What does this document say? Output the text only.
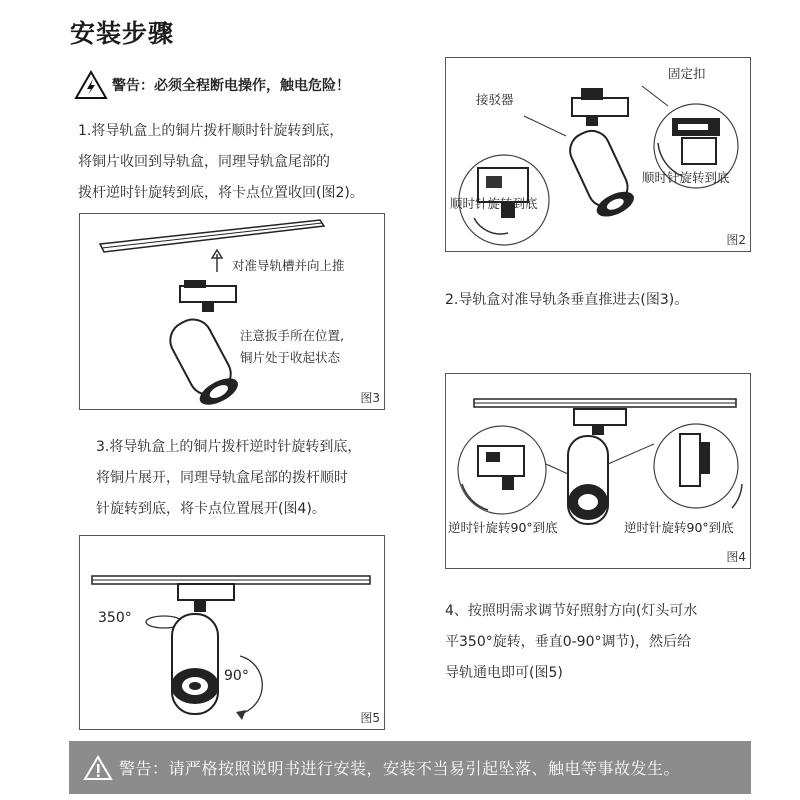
安装步骤
警告：必须全程断电操作，触电危险！
1.将导轨盒上的铜片拨杆顺时针旋转到底，
将铜片收回到导轨盒，同理导轨盒尾部的
拨杆逆时针旋转到底，将卡点位置收回(图2)。
接驳器
固定扣
顺时针旋转到底
顺时针旋转到底
图2
对准导轨槽并向上推
注意扳手所在位置,
铜片处于收起状态
图3
2.导轨盒对准导轨条垂直推进去(图3)。
3.将导轨盒上的铜片拨杆逆时针旋转到底，
将铜片展开，同理导轨盒尾部的拨杆顺时
针旋转到底，将卡点位置展开(图4)。
逆时针旋转90°到底	逆时针旋转90°到底
图4
350°
90°
图5
4、按照明需求调节好照射方向(灯头可水
平350°旋转，垂直0-90°调节)，然后给
导轨通电即可(图5)
警告：请严格按照说明书进行安装，安装不当易引起坠落、触电等事故发生。
